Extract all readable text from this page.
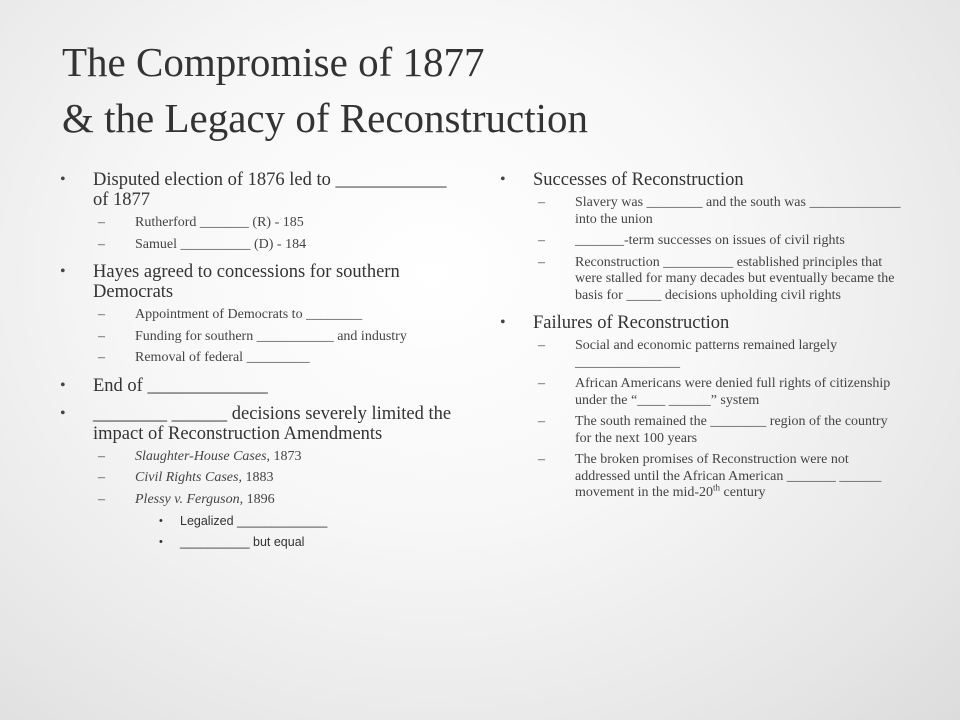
The Compromise of 1877
& the Legacy of Reconstruction
• Disputed election of 1876 led to ____________ of 1877
– Rutherford _______ (R) - 185
– Samuel __________ (D) - 184
• Hayes agreed to concessions for southern Democrats
– Appointment of Democrats to ________
– Funding for southern ___________ and industry
– Removal of federal _________
• End of _____________
• ________ ______ decisions severely limited the impact of Reconstruction Amendments
– Slaughter-House Cases, 1873
– Civil Rights Cases, 1883
– Plessy v. Ferguson, 1896
• Legalized _____________
• __________ but equal
• Successes of Reconstruction
– Slavery was ________ and the south was _____________ into the union
– _______-term successes on issues of civil rights
– Reconstruction __________ established principles that were stalled for many decades but eventually became the basis for _____ decisions upholding civil rights
• Failures of Reconstruction
– Social and economic patterns remained largely _______________
– African Americans were denied full rights of citizenship under the “____ ______” system
– The south remained the ________ region of the country for the next 100 years
– The broken promises of Reconstruction were not addressed until the African American _______ ______ movement in the mid-20th century
